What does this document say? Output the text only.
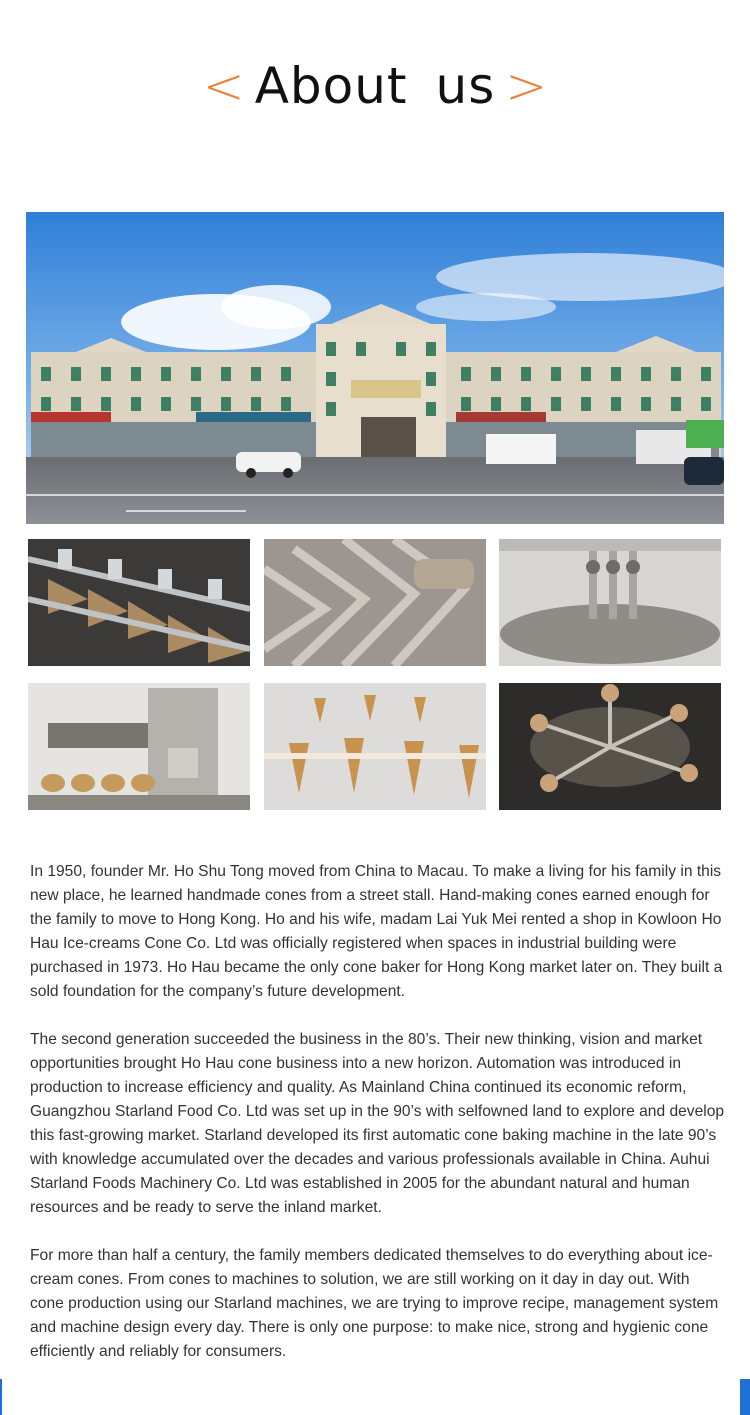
< About us >

In 1950, founder Mr. Ho Shu Tong moved from China to Macau. To make a living for his family in this new place, he learned handmade cones from a street stall. Hand-making cones earned enough for the family to move to Hong Kong. Ho and his wife, madam Lai Yuk Mei rented a shop in Kowloon Ho Hau Ice-creams Cone Co. Ltd was officially registered when spaces in industrial building were purchased in 1973. Ho Hau became the only cone baker for Hong Kong market later on. They built a sold foundation for the company’s future development.

The second generation succeeded the business in the 80’s. Their new thinking, vision and market opportunities brought Ho Hau cone business into a new horizon. Automation was introduced in production to increase efficiency and quality. As Mainland China continued its economic reform, Guangzhou Starland Food Co. Ltd was set up in the 90’s with selfowned land to explore and develop this fast-growing market. Starland developed its first automatic cone baking machine in the late 90’s with knowledge accumulated over the decades and various professionals available in China. Auhui Starland Foods Machinery Co. Ltd was established in 2005 for the abundant natural and human resources and be ready to serve the inland market.

For more than half a century, the family members dedicated themselves to do everything about ice-cream cones. From cones to machines to solution, we are still working on it day in day out. With cone production using our Starland machines, we are trying to improve recipe, management system and machine design every day. There is only one purpose: to make nice, strong and hygienic cone efficiently and reliably for consumers.
